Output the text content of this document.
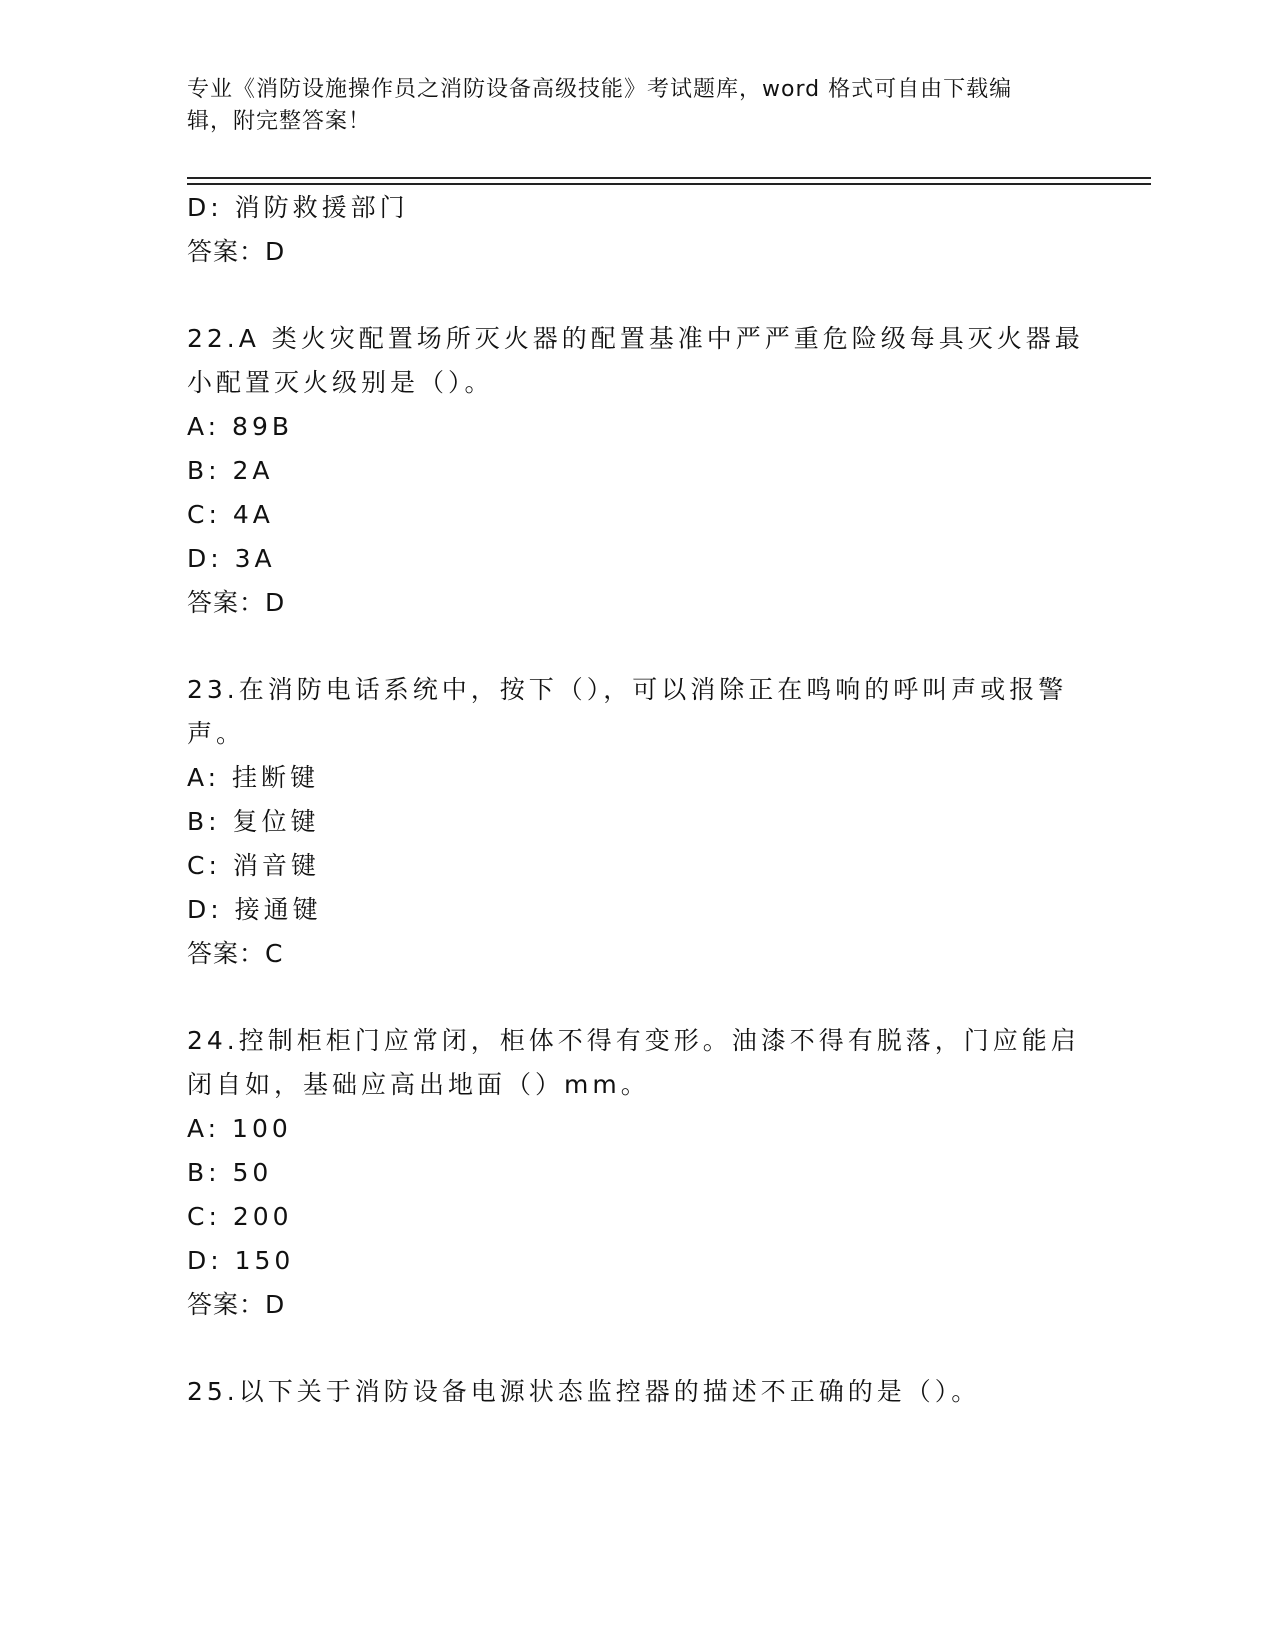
专业《消防设施操作员之消防设备高级技能》考试题库，word 格式可自由下载编
辑，附完整答案！
D: 消防救援部门
答案：D
22.A 类火灾配置场所灭火器的配置基准中严严重危险级每具灭火器最
小配置灭火级别是（）。
A: 89B
B: 2A
C: 4A
D: 3A
答案：D
23.在消防电话系统中，按下（），可以消除正在鸣响的呼叫声或报警
声。
A: 挂断键
B: 复位键
C: 消音键
D: 接通键
答案：C
24.控制柜柜门应常闭，柜体不得有变形。油漆不得有脱落，门应能启
闭自如，基础应高出地面（）mm。
A: 100
B: 50
C: 200
D: 150
答案：D
25.以下关于消防设备电源状态监控器的描述不正确的是（）。
